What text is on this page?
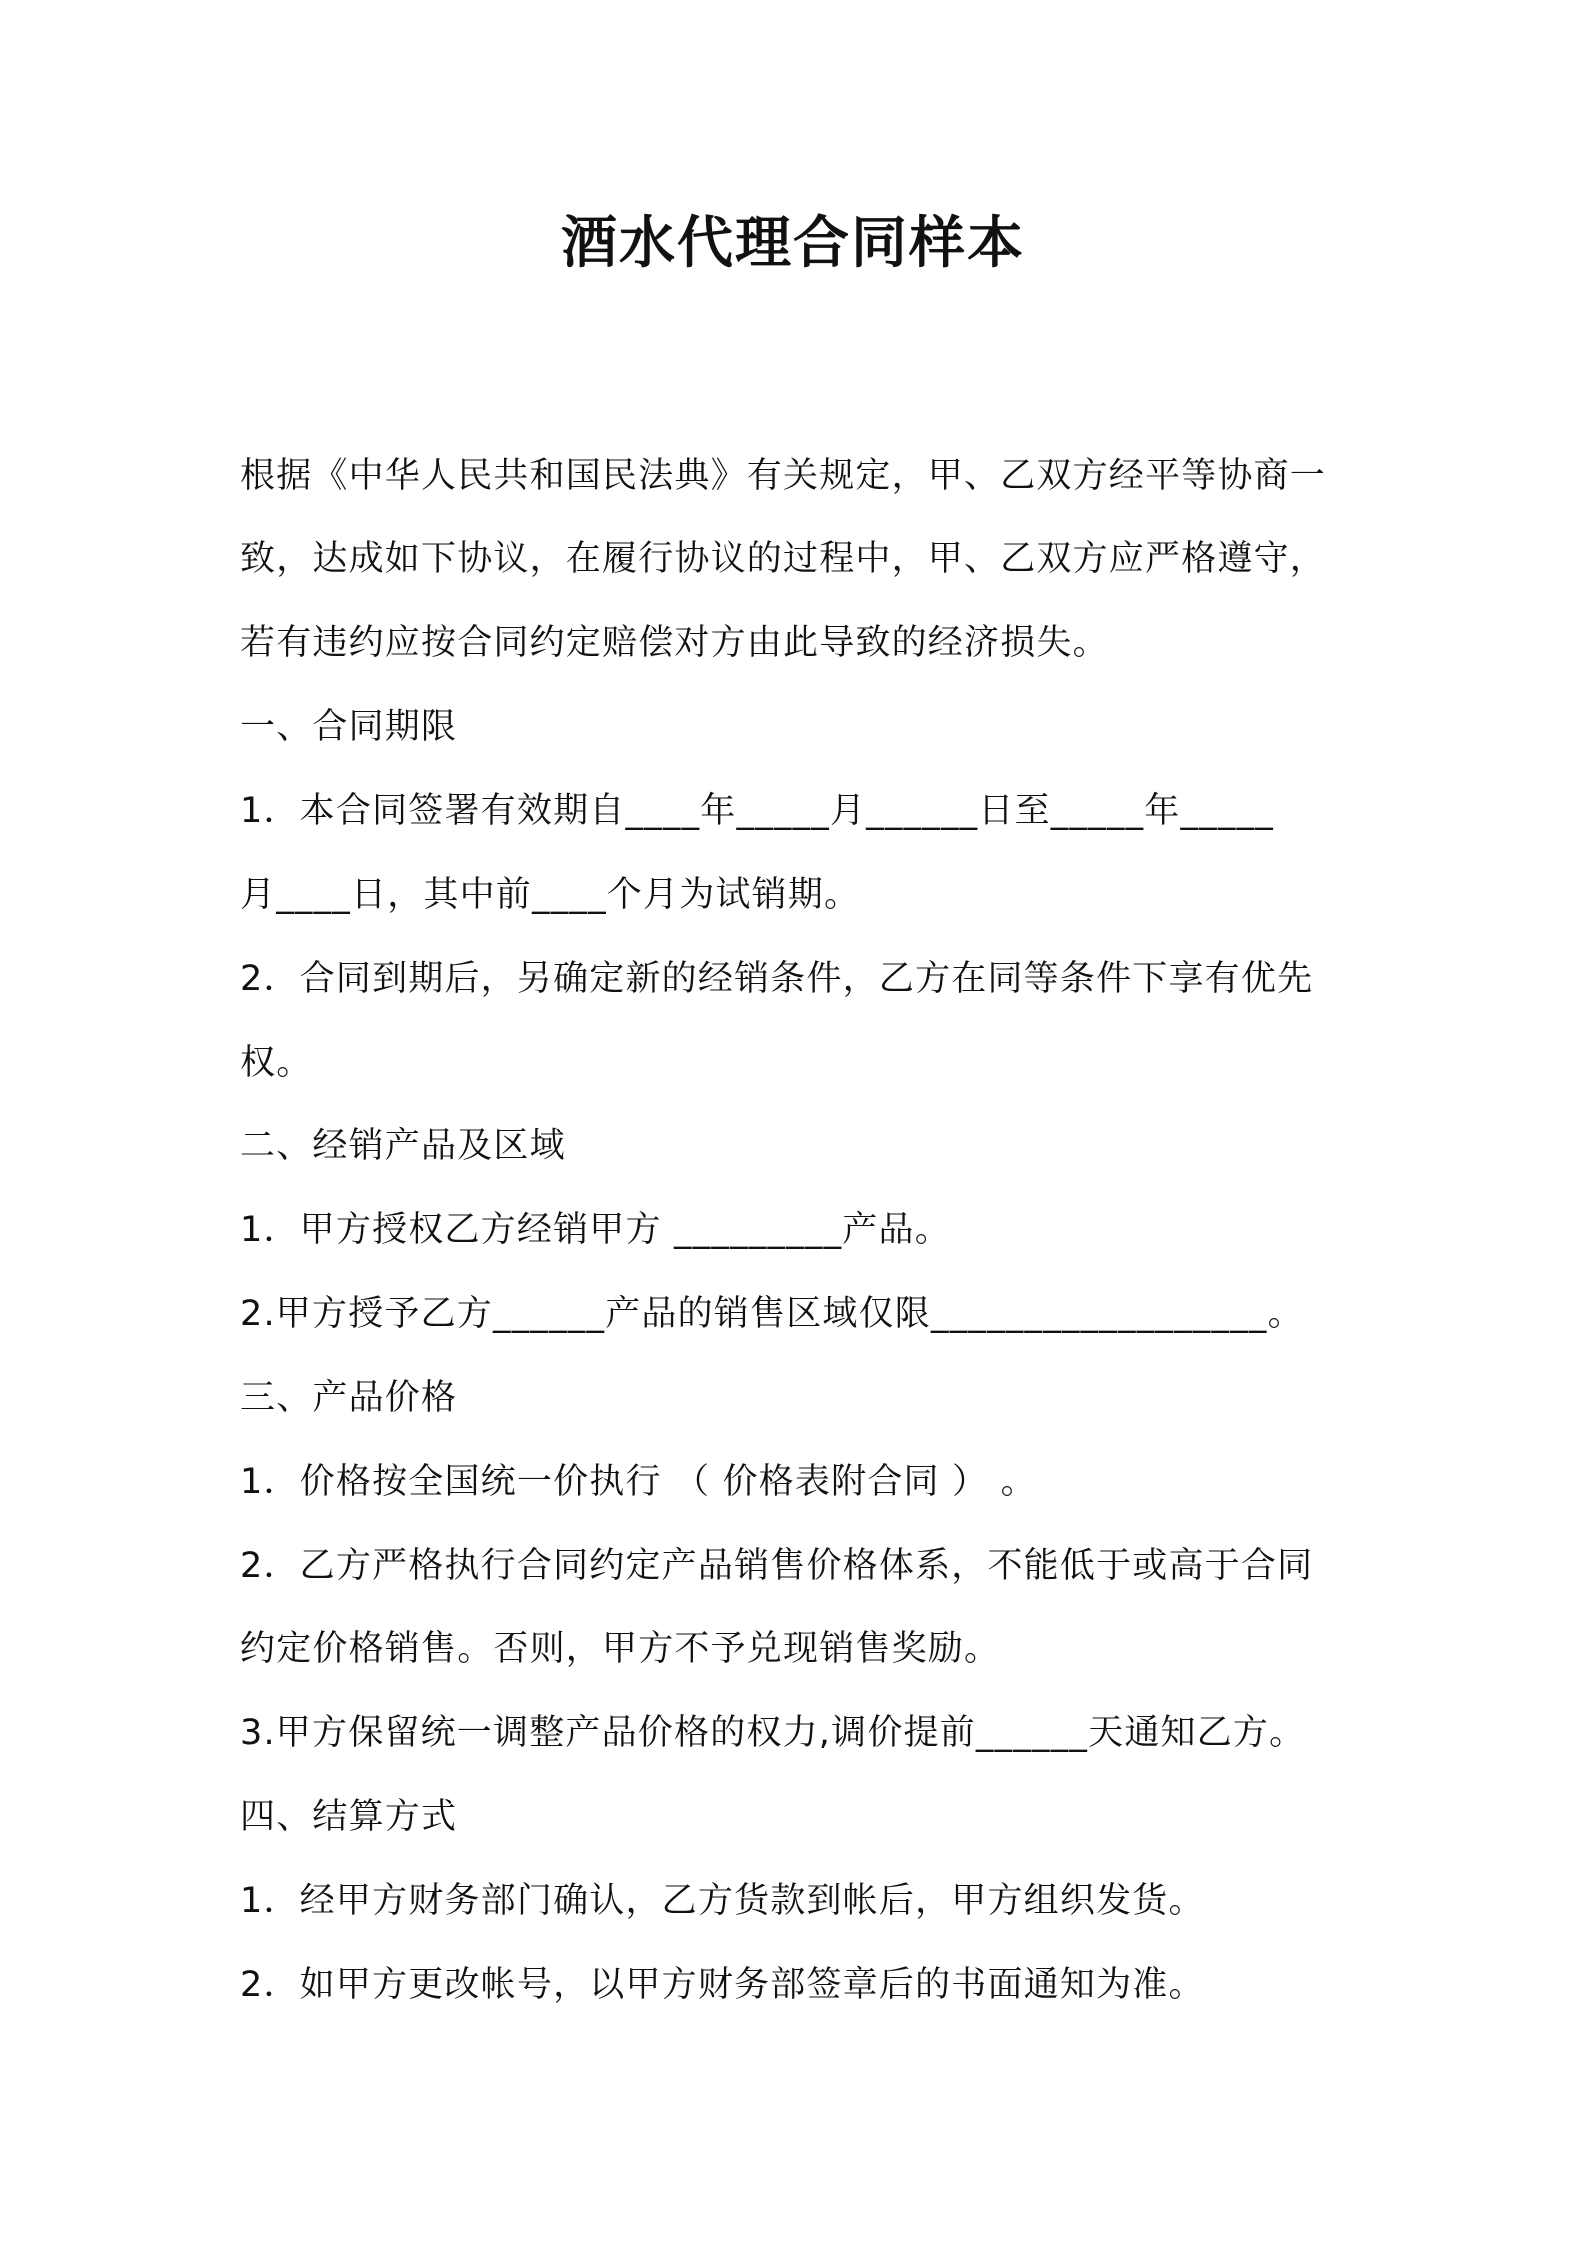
酒水代理合同样本
根据《中华人民共和国民法典》有关规定，甲、乙双方经平等协商一
致，达成如下协议，在履行协议的过程中，甲、乙双方应严格遵守，
若有违约应按合同约定赔偿对方由此导致的经济损失。
一、合同期限
1．本合同签署有效期自____年_____月______日至_____年_____
月____日，其中前____个月为试销期。
2．合同到期后，另确定新的经销条件，乙方在同等条件下享有优先
权。
二、经销产品及区域
1．甲方授权乙方经销甲方 _________产品。
2.甲方授予乙方______产品的销售区域仅限__________________。
三、产品价格
1．价格按全国统一价执行 （ 价格表附合同 ） 。
2．乙方严格执行合同约定产品销售价格体系，不能低于或高于合同
约定价格销售。否则，甲方不予兑现销售奖励。
3.甲方保留统一调整产品价格的权力,调价提前______天通知乙方。
四、结算方式
1．经甲方财务部门确认，乙方货款到帐后，甲方组织发货。
2．如甲方更改帐号，以甲方财务部签章后的书面通知为准。
